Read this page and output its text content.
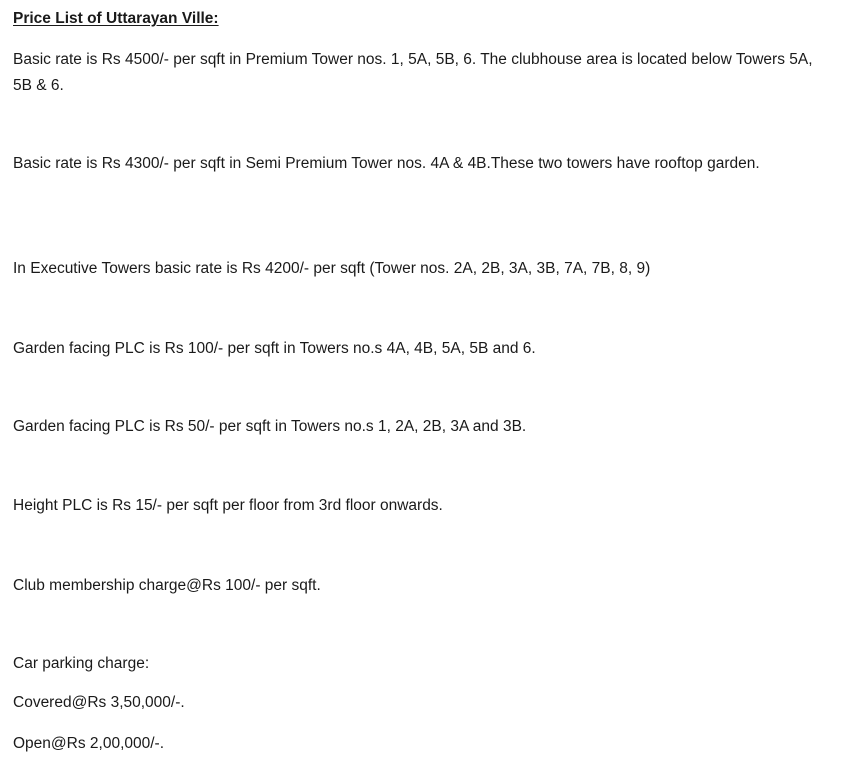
Price List of Uttarayan Ville:

Basic rate is Rs 4500/- per sqft in Premium Tower nos. 1, 5A, 5B, 6. The clubhouse area is located below Towers 5A, 5B & 6.

Basic rate is Rs 4300/- per sqft in Semi Premium Tower nos. 4A & 4B.These two towers have rooftop garden.

In Executive Towers basic rate is Rs 4200/- per sqft (Tower nos. 2A, 2B, 3A, 3B, 7A, 7B, 8, 9)

Garden facing PLC is Rs 100/- per sqft in Towers no.s 4A, 4B, 5A, 5B and 6.

Garden facing PLC is Rs 50/- per sqft in Towers no.s 1, 2A, 2B, 3A and 3B.

Height PLC is Rs 15/- per sqft per floor from 3rd floor onwards.

Club membership charge@Rs 100/- per sqft.

Car parking charge:

Covered@Rs 3,50,000/-.

Open@Rs 2,00,000/-.
